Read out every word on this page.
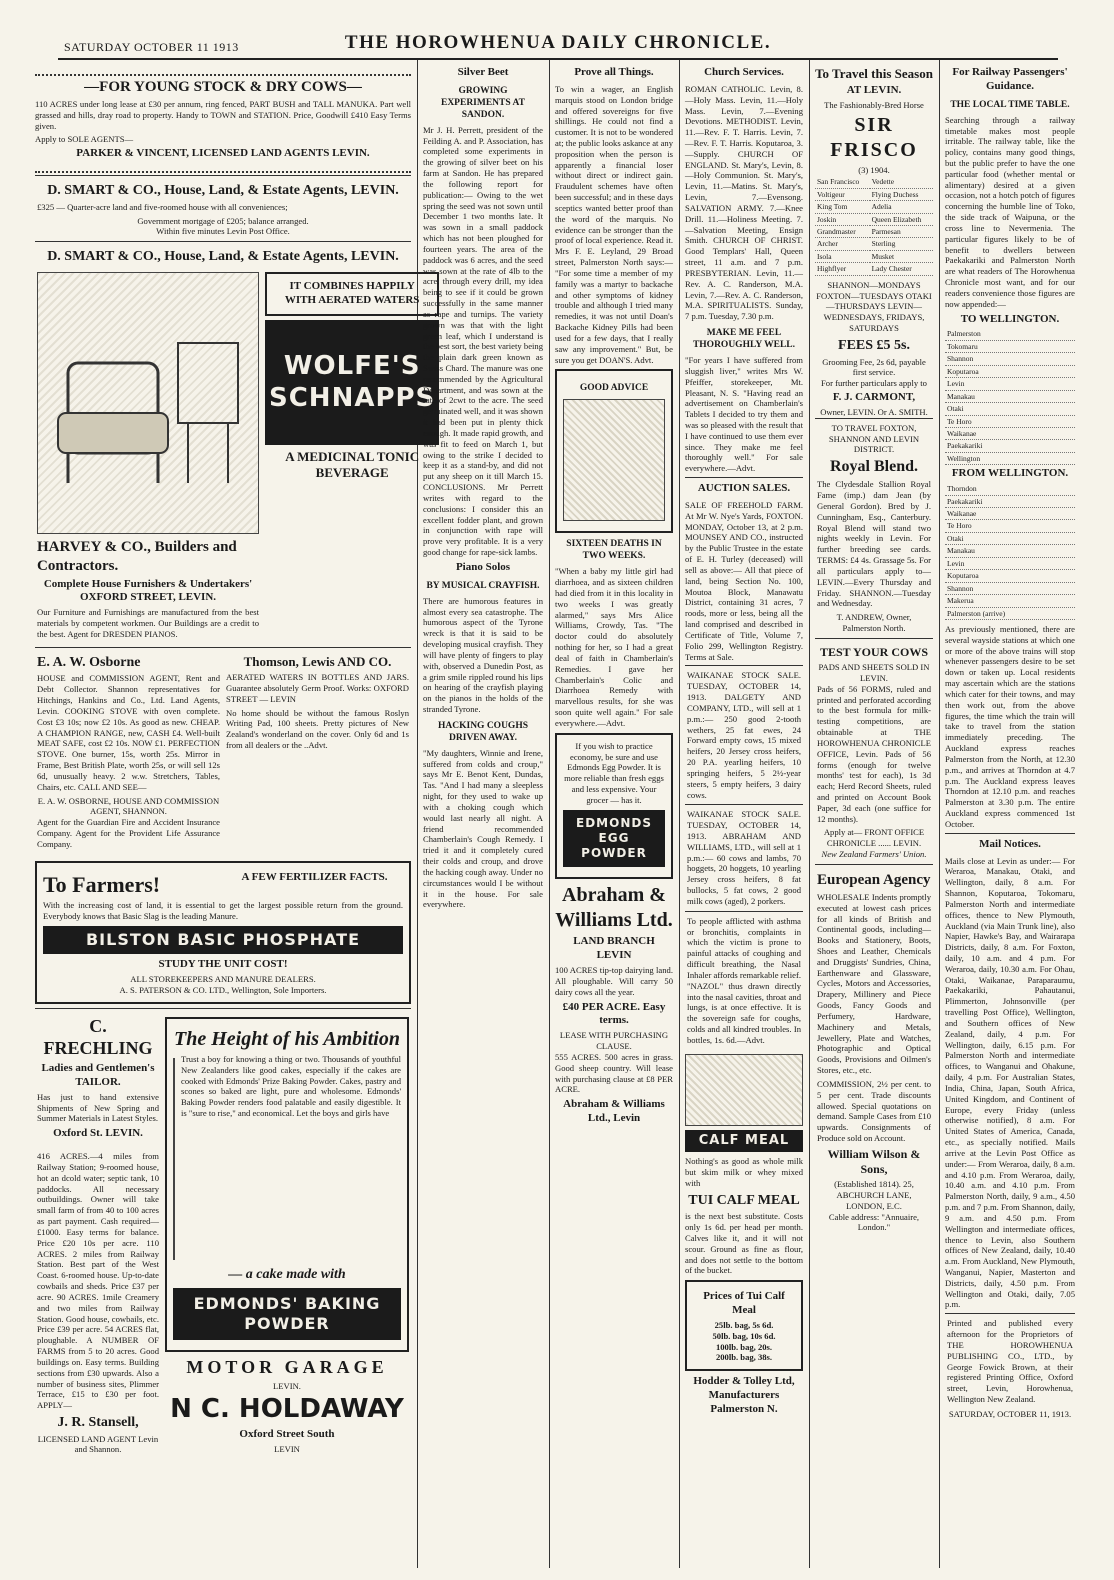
SATURDAY OCTOBER 11 1913	THE HOROWHENUA DAILY CHRONICLE.
—FOR YOUNG STOCK & DRY COWS—

110 ACRES under long lease at £30 per annum, ring fenced, PART BUSH and TALL MANUKA. Part well grassed and hills, dray road to property. Handy to TOWN and STATION. Price, Goodwill £410 Easy Terms given.

Apply to SOLE AGENTS—
PARKER & VINCENT, LICENSED LAND AGENTS LEVIN.
D. SMART & CO., House, Land, & Estate Agents, LEVIN.

£325 — Quarter-acre land and five-roomed house with all conveniences;

Government mortgage of £205; balance arranged.
Within five minutes Levin Post Office.
D. SMART & CO., House, Land, & Estate Agents, LEVIN.
HARVEY & CO., Builders and Contractors.
Complete House Furnishers & Undertakers' OXFORD STREET, LEVIN.

Our Furniture and Furnishings are manufactured from the best materials by competent workmen. Our Buildings are a credit to the best. Agent for DRESDEN PIANOS.

IT COMBINES HAPPILY WITH AERATED WATERS
WOLFE'S SCHNAPPS
A MEDICINAL TONIC BEVERAGE
E. A. W. Osborne

HOUSE and COMMISSION AGENT, Rent and Debt Collector. Shannon representatives for Hitchings, Hankins and Co., Ltd. Land Agents, Levin. COOKING STOVE with oven complete. Cost £3 10s; now £2 10s. As good as new. CHEAP. A CHAMPION RANGE, new, CASH £4. Well-built MEAT SAFE, cost £2 10s. NOW £1. PERFECTION STOVE. One burner, 15s, worth 25s. Mirror in Frame, Best British Plate, worth 25s, or will sell 12s 6d, unusually heavy. 2 w.w. Stretchers, Tables, Chairs, etc. CALL AND SEE—

E. A. W. OSBORNE, HOUSE AND COMMISSION AGENT, SHANNON.

Agent for the Guardian Fire and Accident Insurance Company. Agent for the Provident Life Assurance Company.

Thomson, Lewis AND CO.

AERATED WATERS IN BOTTLES AND JARS. Guarantee absolutely Germ Proof. Works: OXFORD STREET — LEVIN

No home should be without the famous Roslyn Writing Pad, 100 sheets. Pretty pictures of New Zealand's wonderland on the cover. Only 6d and 1s from all dealers or the ..Advt.

To Farmers!	A FEW FERTILIZER FACTS.

With the increasing cost of land, it is essential to get the largest possible return from the ground. Everybody knows that Basic Slag is the leading Manure.

BILSTON BASIC PHOSPHATE
STUDY THE UNIT COST!
ALL STOREKEEPERS AND MANURE DEALERS.
A. S. PATERSON & CO. LTD., Wellington, Sole Importers.
C. FRECHLING
Ladies and Gentlemen's TAILOR.

Has just to hand extensive Shipments of New Spring and Summer Materials in Latest Styles.

Oxford St. LEVIN.

416 ACRES.—4 miles from Railway Station; 9-roomed house, hot an dcold water; septic tank, 10 paddocks. All necessary outbuildings. Owner will take small farm of from 40 to 100 acres as part payment. Cash required—£1000. Easy terms for balance. Price £20 10s per acre. 110 ACRES. 2 miles from Railway Station. Best part of the West Coast. 6-roomed house. Up-to-date cowbails and sheds. Price £37 per acre. 90 ACRES. 1mile Creamery and two miles from Railway Station. Good house, cowbails, etc. Price £39 per acre. 54 ACRES flat, ploughable. A NUMBER OF FARMS from 5 to 20 acres. Good buildings on. Easy terms. Building sections from £30 upwards. Also a number of business sites, Plimmer Terrace, £15 to £30 per foot. APPLY—

J. R. Stansell,
LICENSED LAND AGENT Levin and Shannon.
The Height of his Ambition

Trust a boy for knowing a thing or two. Thousands of youthful New Zealanders like good cakes, especially if the cakes are cooked with Edmonds' Prize Baking Powder. Cakes, pastry and scones so baked are light, pure and wholesome. Edmonds' Baking Powder renders food palatable and easily digestible. It is "sure to rise," and economical. Let the boys and girls have

— a cake made with
EDMONDS' BAKING POWDER
MOTOR GARAGE
LEVIN.
N C. HOLDAWAY
Oxford Street South
LEVIN
Silver Beet
GROWING EXPERIMENTS AT SANDON.

Mr J. H. Perrett, president of the Feilding A. and P. Association, has completed some experiments in the growing of silver beet on his farm at Sandon. He has prepared the following report for publication:— Owing to the wet spring the seed was not sown until December 1 two months late. It was sown in a small paddock which has not been ploughed for fourteen years. The area of the paddock was 6 acres, and the seed was sown at the rate of 4lb to the acre, through every drill, my idea being to see if it could be grown successfully in the same manner as rape and turnips. The variety grown was that with the light green leaf, which I understand is the best sort, the best variety being the plain dark green known as Swiss Chard. The manure was one recommended by the Agricultural Department, and was sown at the rate of 2cwt to the acre. The seed germinated well, and it was shown it had been put in plenty thick enough. It made rapid growth, and was fit to feed on March 1, but owing to the strike I decided to keep it as a stand-by, and did not put any sheep on it till March 15. CONCLUSIONS. Mr Perrett writes with regard to the conclusions: I consider this an excellent fodder plant, and grown in conjunction with rape will prove very profitable. It is a very good change for rape-sick lambs.

Piano Solos
BY MUSICAL CRAYFISH.

There are humorous features in almost every sea catastrophe. The humorous aspect of the Tyrone wreck is that it is said to be developing musical crayfish. They will have plenty of fingers to play with, observed a Dunedin Post, as a grim smile rippled round his lips on hearing of the crayfish playing on the pianos in the holds of the stranded Tyrone.

HACKING COUGHS DRIVEN AWAY.

"My daughters, Winnie and Irene, suffered from colds and croup," says Mr E. Benot Kent, Dundas, Tas. "And I had many a sleepless night, for they used to wake up with a choking cough which would last nearly all night. A friend recommended Chamberlain's Cough Remedy. I tried it and it completely cured their colds and croup, and drove the hacking cough away. Under no circumstances would I be without it in the house. For sale everywhere.

Prove all Things.

To win a wager, an English marquis stood on London bridge and offered sovereigns for five shillings. He could not find a customer. It is not to be wondered at; the public looks askance at any proposition when the person is apparently a financial loser without direct or indirect gain. Fraudulent schemes have often been successful; and in these days sceptics wanted better proof than the word of the marquis. No evidence can be stronger than the proof of local experience. Read it. Mrs F. E. Leyland, 29 Broad street, Palmerston North says:— "For some time a member of my family was a martyr to backache and other symptoms of kidney trouble and although I tried many remedies, it was not until Doan's Backache Kidney Pills had been used for a few days, that I really saw any improvement." But, be sure you get DOAN'S. Advt.

GOOD ADVICE
SIXTEEN DEATHS IN TWO WEEKS.

"When a baby my little girl had diarrhoea, and as sixteen children had died from it in this locality in two weeks I was greatly alarmed," says Mrs Alice Williams, Crowdy, Tas. "The doctor could do absolutely nothing for her, so I had a great deal of faith in Chamberlain's Remedies. I gave her Chamberlain's Colic and Diarrhoea Remedy with marvellous results, for she was soon quite well again." For sale everywhere.—Advt.

If you wish to practice economy, be sure and use Edmonds Egg Powder. It is more reliable than fresh eggs and less expensive. Your grocer — has it.

EDMONDS EGG POWDER
Abraham & Williams Ltd.
LAND BRANCH LEVIN

100 ACRES tip-top dairying land. All ploughable. Will carry 50 dairy cows all the year.

£40 PER ACRE. Easy terms.
LEASE WITH PURCHASING CLAUSE.

555 ACRES. 500 acres in grass. Good sheep country. Will lease with purchasing clause at £8 PER ACRE.

Abraham & Williams Ltd., Levin
Church Services.

ROMAN CATHOLIC. Levin, 8.—Holy Mass. Levin, 11.—Holy Mass. Levin, 7.—Evening Devotions. METHODIST. Levin, 11.—Rev. F. T. Harris. Levin, 7.—Rev. F. T. Harris. Koputaroa, 3.—Supply. CHURCH OF ENGLAND. St. Mary's, Levin, 8.—Holy Communion. St. Mary's, Levin, 11.—Matins. St. Mary's, Levin, 7.—Evensong. SALVATION ARMY. 7.—Knee Drill. 11.—Holiness Meeting. 7.—Salvation Meeting, Ensign Smith. CHURCH OF CHRIST. Good Templars' Hall, Queen street, 11 a.m. and 7 p.m. PRESBYTERIAN. Levin, 11.—Rev. A. C. Randerson, M.A. Levin, 7.—Rev. A. C. Randerson, M.A. SPIRITUALISTS. Sunday, 7 p.m. Tuesday, 7.30 p.m.

MAKE ME FEEL THOROUGHLY WELL.

"For years I have suffered from sluggish liver," writes Mrs W. Pfeiffer, storekeeper, Mt. Pleasant, N. S. "Having read an advertisement on Chamberlain's Tablets I decided to try them and was so pleased with the result that I have continued to use them ever since. They make me feel thoroughly well." For sale everywhere.—Advt.

AUCTION SALES.

SALE OF FREEHOLD FARM. At Mr W. Nye's Yards, FOXTON. MONDAY, October 13, at 2 p.m. MOUNSEY AND CO., instructed by the Public Trustee in the estate of E. H. Turley (deceased) will sell as above:— All that piece of land, being Section No. 100, Moutoa Block, Manawatu District, containing 31 acres, 7 roods, more or less, being all the land comprised and described in Certificate of Title, Volume 7, Folio 299, Wellington Registry. Terms at Sale.

WAIKANAE STOCK SALE. TUESDAY, OCTOBER 14, 1913. DALGETY AND COMPANY, LTD., will sell at 1 p.m.:— 250 good 2-tooth wethers, 25 fat ewes, 24 Forward empty cows, 15 mixed heifers, 20 Jersey cross heifers, 20 P.A. yearling heifers, 10 springing heifers, 5 2½-year steers, 5 empty heifers, 3 dairy cows.

WAIKANAE STOCK SALE. TUESDAY, OCTOBER 14, 1913. ABRAHAM AND WILLIAMS, LTD., will sell at 1 p.m.:— 60 cows and lambs, 70 hoggets, 20 hoggets, 10 yearling Jersey cross heifers, 8 fat bullocks, 5 fat cows, 2 good milk cows (aged), 2 porkers.

To people afflicted with asthma or bronchitis, complaints in which the victim is prone to painful attacks of coughing and difficult breathing, the Nasal Inhaler affords remarkable relief. "NAZOL" thus drawn directly into the nasal cavities, throat and lungs, is at once effective. It is the sovereign safe for coughs, colds and all kindred troubles. In bottles, 1s. 6d.—Advt.

CALF MEAL

Nothing's as good as whole milk but skim milk or whey mixed with

TUI CALF MEAL

is the next best substitute. Costs only 1s 6d. per head per month. Calves like it, and it will not scour. Ground as fine as flour, and does not settle to the bottom of the bucket.

Prices of Tui Calf Meal
25lb. bag, 5s 6d.
50lb. bag, 10s 6d.
100lb. bag, 20s.
200lb. bag, 38s.
Hodder & Tolley Ltd, Manufacturers Palmerston N.
To Travel this Season
AT LEVIN.
The Fashionably-Bred Horse
SIR FRISCO
(3) 1904.
San Francisco	Vedette
Voltigeur	Flying Duchess
King Tom	Adelia
Joskin	Queen Elizabeth
Grandmaster	Parmesan
Archer	Sterling
Isola	Musket
Highflyer	Lady Chester

SHANNON—MONDAYS FOXTON—TUESDAYS OTAKI—THURSDAYS LEVIN—WEDNESDAYS, FRIDAYS, SATURDAYS

FEES £5 5s.
Grooming Fee, 2s 6d, payable first service.
For further particulars apply to
F. J. CARMONT,
Owner, LEVIN. Or A. SMITH.
TO TRAVEL FOXTON, SHANNON AND LEVIN DISTRICT.
Royal Blend.

The Clydesdale Stallion Royal Fame (imp.) dam Jean (by General Gordon). Bred by J. Cunningham, Esq., Canterbury. Royal Blend will stand two nights weekly in Levin. For further breeding see cards. TERMS: £4 4s. Grassage 5s. For all particulars apply to— LEVIN.—Every Thursday and Friday. SHANNON.—Tuesday and Wednesday.

T. ANDREW, Owner, Palmerston North.
TEST YOUR COWS
PADS AND SHEETS SOLD IN LEVIN.

Pads of 56 FORMS, ruled and printed and perforated according to the best formula for milk-testing competitions, are obtainable at THE HOROWHENUA CHRONICLE OFFICE, Levin. Pads of 56 forms (enough for twelve months' test for each), 1s 3d each; Herd Record Sheets, ruled and printed on Account Book Paper, 3d each (one suffice for 12 months).

Apply at— FRONT OFFICE CHRONICLE ...... LEVIN.
New Zealand Farmers' Union.
European Agency

WHOLESALE Indents promptly executed at lowest cash prices for all kinds of British and Continental goods, including— Books and Stationery, Boots, Shoes and Leather, Chemicals and Druggists' Sundries, China, Earthenware and Glassware, Cycles, Motors and Accessories, Drapery, Millinery and Piece Goods, Fancy Goods and Perfumery, Hardware, Machinery and Metals, Jewellery, Plate and Watches, Photographic and Optical Goods, Provisions and Oilmen's Stores, etc., etc.

COMMISSION, 2½ per cent. to 5 per cent. Trade discounts allowed. Special quotations on demand. Sample Cases from £10 upwards. Consignments of Produce sold on Account.

William Wilson & Sons,
(Established 1814). 25, ABCHURCH LANE, LONDON, E.C.
Cable address: "Annuaire, London."
For Railway Passengers' Guidance.
THE LOCAL TIME TABLE.

Searching through a railway timetable makes most people irritable. The railway table, like the policy, contains many good things, but the public prefer to have the one particular food (whether mental or alimentary) desired at a given occasion, not a hotch potch of figures concerning the humble line of Toko, the side track of Waipuna, or the cross line to Nevermenia. The particular figures likely to be of benefit to dwellers between Paekakariki and Palmerston North are what readers of The Horowhenua Chronicle most want, and for our readers convenience those figures are now appended:—

TO WELLINGTON.
Palmerston
Tokomaru
Shannon
Koputaroa
Levin
Manakau
Otaki
Te Horo
Waikanae
Paekakariki
Wellington
FROM WELLINGTON.
Thorndon
Paekakariki
Waikanae
Te Horo
Otaki
Manakau
Levin
Koputaroa
Shannon
Makerua
Palmerston (arrive)

As previously mentioned, there are several wayside stations at which one or more of the above trains will stop whenever passengers desire to be set down or taken up. Local residents may ascertain which are the stations which cater for their towns, and may then work out, from the above figures, the time which the train will take to travel from the station immediately preceding. The Auckland express reaches Palmerston from the North, at 12.30 p.m., and arrives at Thorndon at 4.7 p.m. The Auckland express leaves Thorndon at 12.10 p.m. and reaches Palmerston at 3.30 p.m. The entire Auckland express commenced 1st October.

Mail Notices.

Mails close at Levin as under:— For Weraroa, Manakau, Otaki, and Wellington, daily, 8 a.m. For Shannon, Koputaroa, Tokomaru, Palmerston North and intermediate offices, thence to New Plymouth, Auckland (via Main Trunk line), also Napier, Hawke's Bay, and Wairarapa Districts, daily, 8 a.m. For Foxton, daily, 10 a.m. and 4 p.m. For Weraroa, daily, 10.30 a.m. For Ohau, Otaki, Waikanae, Paraparaumu, Paekakariki, Pahautanui, Plimmerton, Johnsonville (per travelling Post Office), Wellington, and Southern offices of New Zealand, daily, 4 p.m. For Wellington, daily, 6.15 p.m. For Palmerston North and intermediate offices, to Wanganui and Ohakune, daily, 4 p.m. For Australian States, India, China, Japan, South Africa, United Kingdom, and Continent of Europe, every Friday (unless otherwise notified), 8 a.m. For United States of America, Canada, etc., as specially notified. Mails arrive at the Levin Post Office as under:— From Weraroa, daily, 8 a.m. and 4.10 p.m. From Weraroa, daily, 10.40 a.m. and 4.10 p.m. From Palmerston North, daily, 9 a.m., 4.50 p.m. and 7 p.m. From Shannon, daily, 9 a.m. and 4.50 p.m. From Wellington and intermediate offices, thence to Levin, also Southern offices of New Zealand, daily, 10.40 a.m. From Auckland, New Plymouth, Wanganui, Napier, Masterton and Districts, daily, 4.50 p.m. From Wellington and Otaki, daily, 7.05 p.m.

Printed and published every afternoon for the Proprietors of THE HOROWHENUA PUBLISHING CO., LTD., by George Fowick Brown, at their registered Printing Office, Oxford street, Levin, Horowhenua, Wellington New Zealand.

SATURDAY, OCTOBER 11, 1913.
